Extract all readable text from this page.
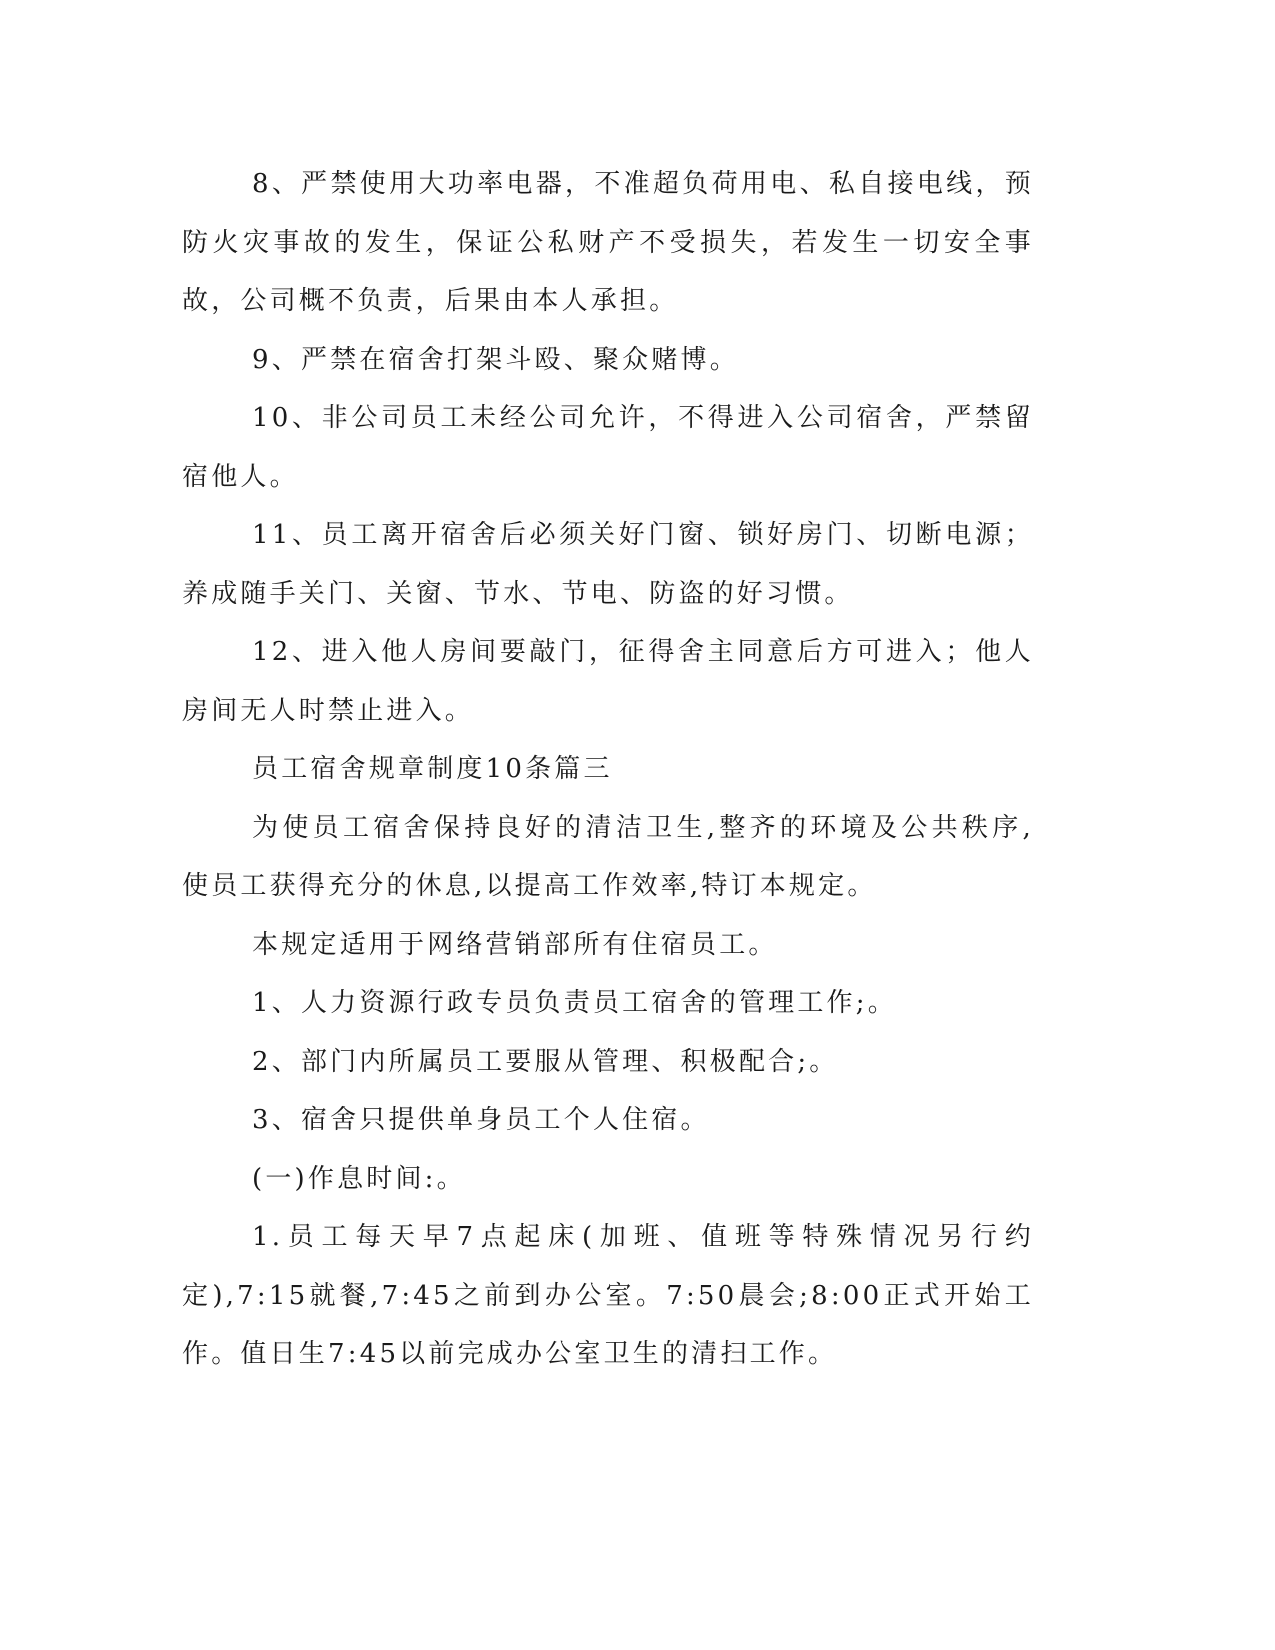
8、严禁使用大功率电器，不准超负荷用电、私自接电线，预防火灾事故的发生，保证公私财产不受损失，若发生一切安全事故，公司概不负责，后果由本人承担。

9、严禁在宿舍打架斗殴、聚众赌博。

10、非公司员工未经公司允许，不得进入公司宿舍，严禁留宿他人。

11、员工离开宿舍后必须关好门窗、锁好房门、切断电源；养成随手关门、关窗、节水、节电、防盗的好习惯。

12、进入他人房间要敲门，征得舍主同意后方可进入；他人房间无人时禁止进入。

员工宿舍规章制度10条篇三

为使员工宿舍保持良好的清洁卫生,整齐的环境及公共秩序,使员工获得充分的休息,以提高工作效率,特订本规定。

本规定适用于网络营销部所有住宿员工。

1、人力资源行政专员负责员工宿舍的管理工作;。

2、部门内所属员工要服从管理、积极配合;。

3、宿舍只提供单身员工个人住宿。

(一)作息时间:。

1.员工每天早7点起床(加班、值班等特殊情况另行约定),7:15就餐,7:45之前到办公室。7:50晨会;8:00正式开始工作。值日生7:45以前完成办公室卫生的清扫工作。
